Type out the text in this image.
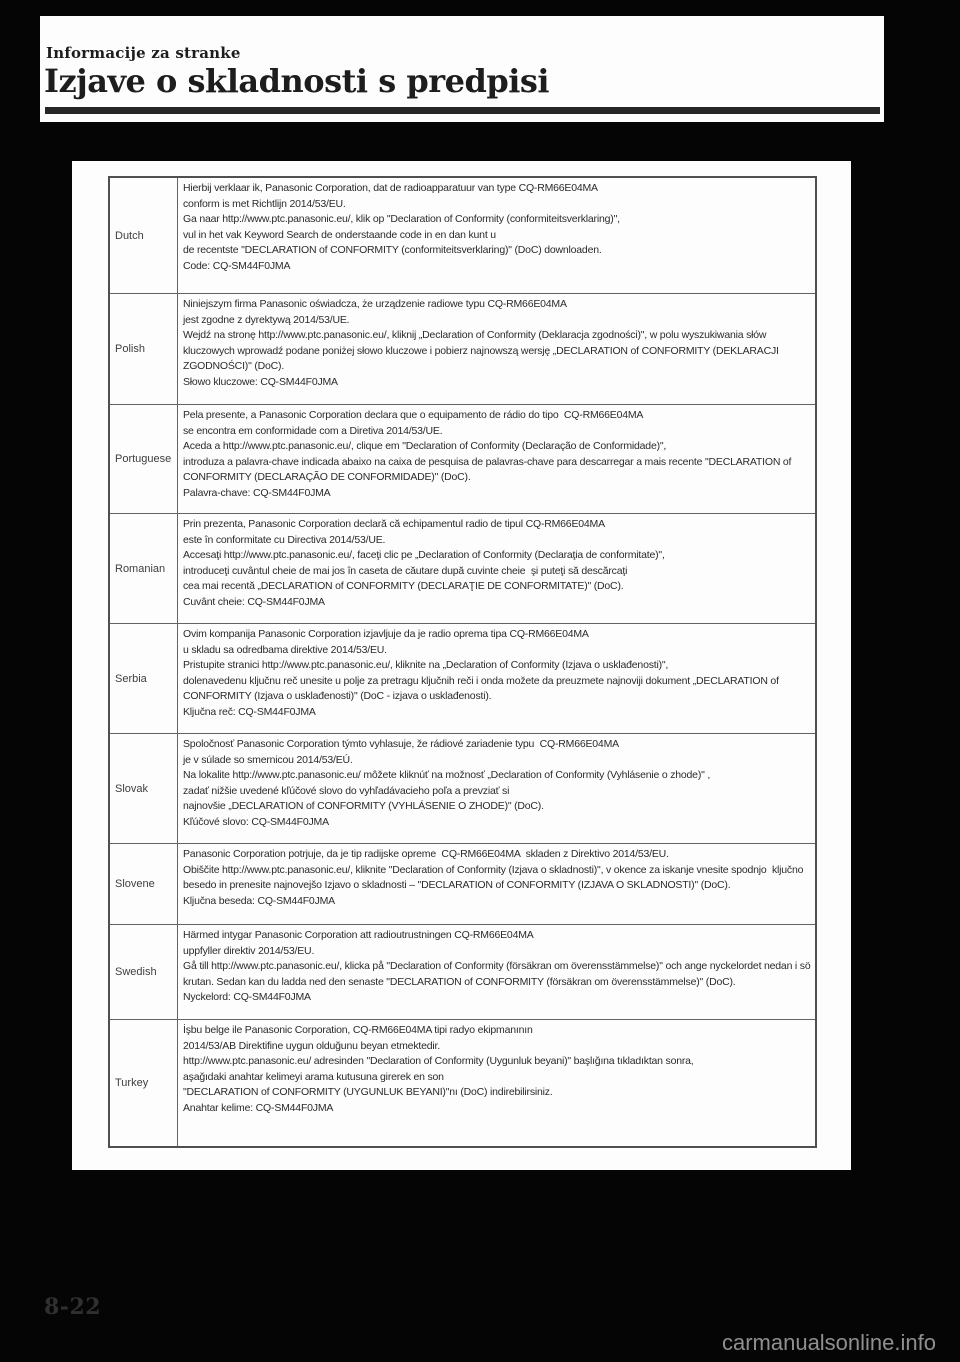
Informacije za stranke
Izjave o skladnosti s predpisi
Dutch
Hierbij verklaar ik, Panasonic Corporation, dat de radioapparatuur van type CQ-RM66E04MA
conform is met Richtlijn 2014/53/EU.
Ga naar http://www.ptc.panasonic.eu/, klik op "Declaration of Conformity (conformiteitsverklaring)",
vul in het vak Keyword Search de onderstaande code in en dan kunt u
de recentste "DECLARATION of CONFORMITY (conformiteitsverklaring)" (DoC) downloaden.
Code: CQ-SM44F0JMA
Polish
Niniejszym firma Panasonic oświadcza, że urządzenie radiowe typu CQ-RM66E04MA
jest zgodne z dyrektywą 2014/53/UE.
Wejdź na stronę http://www.ptc.panasonic.eu/, kliknij „Declaration of Conformity (Deklaracja zgodności)", w polu wyszukiwania słów
kluczowych wprowadź podane poniżej słowo kluczowe i pobierz najnowszą wersję „DECLARATION of CONFORMITY (DEKLARACJI
ZGODNOŚCI)" (DoC).
Słowo kluczowe: CQ-SM44F0JMA
Portuguese
Pela presente, a Panasonic Corporation declara que o equipamento de rádio do tipo  CQ-RM66E04MA
se encontra em conformidade com a Diretiva 2014/53/UE.
Aceda a http://www.ptc.panasonic.eu/, clique em "Declaration of Conformity (Declaração de Conformidade)",
introduza a palavra-chave indicada abaixo na caixa de pesquisa de palavras-chave para descarregar a mais recente "DECLARATION of
CONFORMITY (DECLARAÇÃO DE CONFORMIDADE)" (DoC).
Palavra-chave: CQ-SM44F0JMA
Romanian
Prin prezenta, Panasonic Corporation declară că echipamentul radio de tipul CQ-RM66E04MA
este în conformitate cu Directiva 2014/53/UE.
Accesaţi http://www.ptc.panasonic.eu/, faceţi clic pe „Declaration of Conformity (Declaraţia de conformitate)",
introduceţi cuvântul cheie de mai jos în caseta de căutare după cuvinte cheie  şi puteţi să descărcaţi
cea mai recentă „DECLARATION of CONFORMITY (DECLARAŢIE DE CONFORMITATE)" (DoC).
Cuvânt cheie: CQ-SM44F0JMA
Serbia
Ovim kompanija Panasonic Corporation izjavljuje da je radio oprema tipa CQ-RM66E04MA
u skladu sa odredbama direktive 2014/53/EU.
Pristupite stranici http://www.ptc.panasonic.eu/, kliknite na „Declaration of Conformity (Izjava o usklađenosti)",
dolenavedenu ključnu reč unesite u polje za pretragu ključnih reči i onda možete da preuzmete najnoviji dokument „DECLARATION of
CONFORMITY (Izjava o usklađenosti)" (DoC - izjava o usklađenosti).
Ključna reč: CQ-SM44F0JMA
Slovak
Spoločnosť Panasonic Corporation týmto vyhlasuje, že rádiové zariadenie typu  CQ-RM66E04MA
je v súlade so smernicou 2014/53/EÚ.
Na lokalite http://www.ptc.panasonic.eu/ môžete kliknúť na možnosť „Declaration of Conformity (Vyhlásenie o zhode)" ,
zadať nižšie uvedené kľúčové slovo do vyhľadávacieho poľa a prevziať si
najnovšie „DECLARATION of CONFORMITY (VYHLÁSENIE O ZHODE)" (DoC).
Kľúčové slovo: CQ-SM44F0JMA
Slovene
Panasonic Corporation potrjuje, da je tip radijske opreme  CQ-RM66E04MA  skladen z Direktivo 2014/53/EU.
Obiščite http://www.ptc.panasonic.eu/, kliknite "Declaration of Conformity (Izjava o skladnosti)", v okence za iskanje vnesite spodnjo  ključno
besedo in prenesite najnovejšo Izjavo o skladnosti – "DECLARATION of CONFORMITY (IZJAVA O SKLADNOSTI)" (DoC).
Ključna beseda: CQ-SM44F0JMA
Swedish
Härmed intygar Panasonic Corporation att radioutrustningen CQ-RM66E04MA
uppfyller direktiv 2014/53/EU.
Gå till http://www.ptc.panasonic.eu/, klicka på "Declaration of Conformity (försäkran om överensstämmelse)" och ange nyckelordet nedan i sö
krutan. Sedan kan du ladda ned den senaste "DECLARATION of CONFORMITY (försäkran om överensstämmelse)" (DoC).
Nyckelord: CQ-SM44F0JMA
Turkey
İşbu belge ile Panasonic Corporation, CQ-RM66E04MA tipi radyo ekipmanının
2014/53/AB Direktifine uygun olduğunu beyan etmektedir.
http://www.ptc.panasonic.eu/ adresinden "Declaration of Conformity (Uygunluk beyani)" başlığına tıkladıktan sonra,
aşağıdaki anahtar kelimeyi arama kutusuna girerek en son
"DECLARATION of CONFORMITY (UYGUNLUK BEYANI)"nı (DoC) indirebilirsiniz.
Anahtar kelime: CQ-SM44F0JMA
8-22
carmanualsonline.info
